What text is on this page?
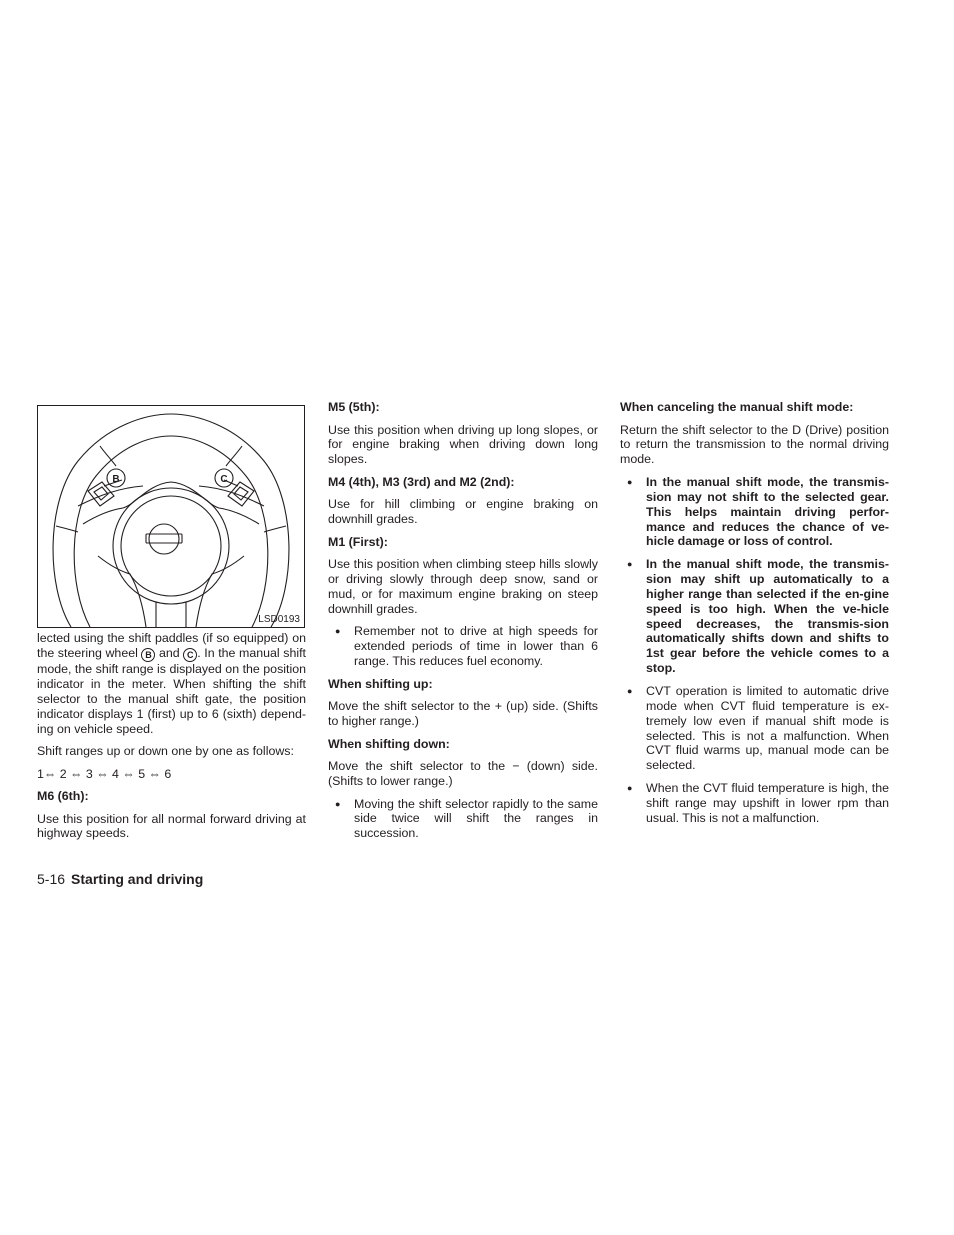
B	C
LSD0193

lected using the shift paddles (if so equipped) on the steering wheel B and C . In the manual shift mode, the shift range is displayed on the position indicator in the meter. When shifting the shift selector to the manual shift gate, the position indicator displays 1 (first) up to 6 (sixth) depend-ing on vehicle speed.

Shift ranges up or down one by one as follows:

1⇔ 2 ⇔ 3 ⇔ 4 ⇔ 5 ⇔ 6

M6 (6th):

Use this position for all normal forward driving at highway speeds.

M5 (5th):

Use this position when driving up long slopes, or for engine braking when driving down long slopes.

M4 (4th), M3 (3rd) and M2 (2nd):

Use for hill climbing or engine braking on downhill grades.

M1 (First):

Use this position when climbing steep hills slowly or driving slowly through deep snow, sand or mud, or for maximum engine braking on steep downhill grades.

● Remember not to drive at high speeds for extended periods of time in lower than 6 range. This reduces fuel economy.
When shifting up:

Move the shift selector to the + (up) side. (Shifts to higher range.)

When shifting down:

Move the shift selector to the − (down) side. (Shifts to lower range.)

● Moving the shift selector rapidly to the same side twice will shift the ranges in succession.
When canceling the manual shift mode:

Return the shift selector to the D (Drive) position to return the transmission to the normal driving mode.

● In the manual shift mode, the transmis-sion may not shift to the selected gear. This helps maintain driving perfor-mance and reduces the chance of ve-hicle damage or loss of control.
● In the manual shift mode, the transmis-sion may shift up automatically to a higher range than selected if the en-gine speed is too high. When the ve-hicle speed decreases, the transmis-sion automatically shifts down and shifts to 1st gear before the vehicle comes to a stop.
● CVT operation is limited to automatic drive mode when CVT fluid temperature is ex-tremely low even if manual shift mode is selected. This is not a malfunction. When CVT fluid warms up, manual mode can be selected.
● When the CVT fluid temperature is high, the shift range may upshift in lower rpm than usual. This is not a malfunction.
5-16 Starting and driving
